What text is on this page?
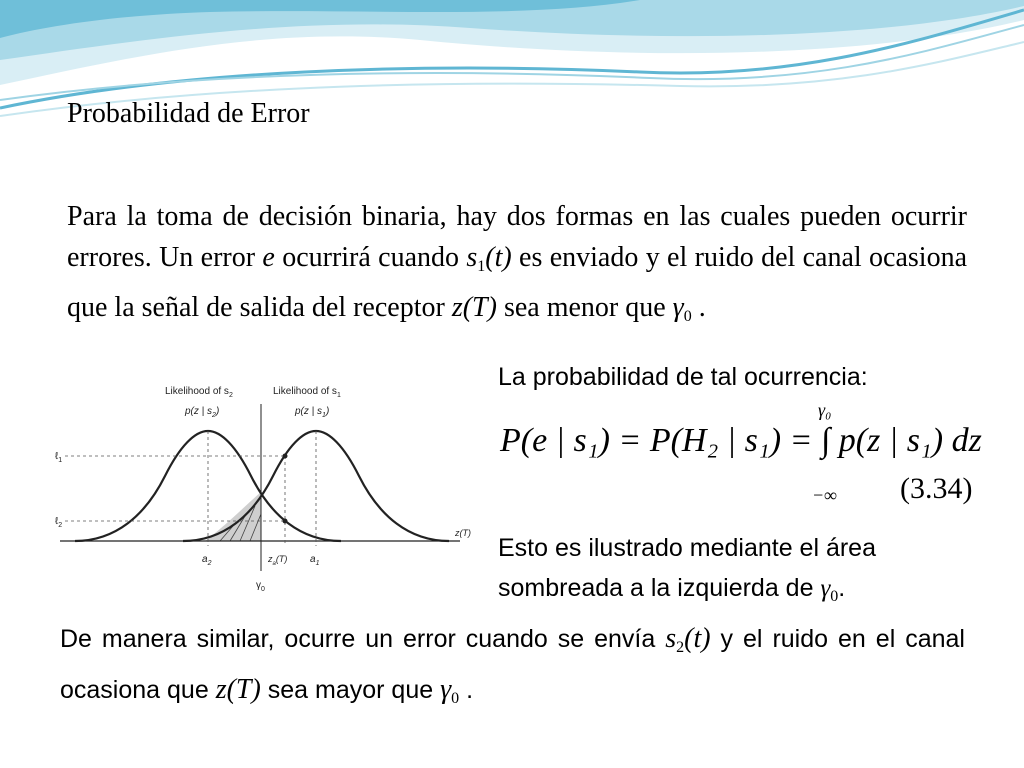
Probabilidad de Error

Para la toma de decisión binaria, hay dos formas en las cuales pueden ocurrir errores. Un error e ocurrirá cuando $s_1(t)$ es enviado y el ruido del canal ocasiona que la señal de salida del receptor z(T) sea menor que $\gamma_0$ .

Likelihood of $s_2$	Likelihood of $s_1$
p(z | $s_2$)	p(z | $s_1$)
ℓ$_1$
ℓ$_2$
$a_2$	$z_a(T)$ $a_1$
$\gamma_0$
z(T)
La probabilidad de tal ocurrencia:
γ₀
P(e | s₁) = P(H₂ | s₁) = ∫ p(z | s₁) dz
−∞ (3.34)

Esto es ilustrado mediante el área sombreada a la izquierda de $\gamma_0$.

De manera similar, ocurre un error cuando se envía $s_2(t)$ y el ruido en el canal ocasiona que z(T) sea mayor que $\gamma_0$ .
